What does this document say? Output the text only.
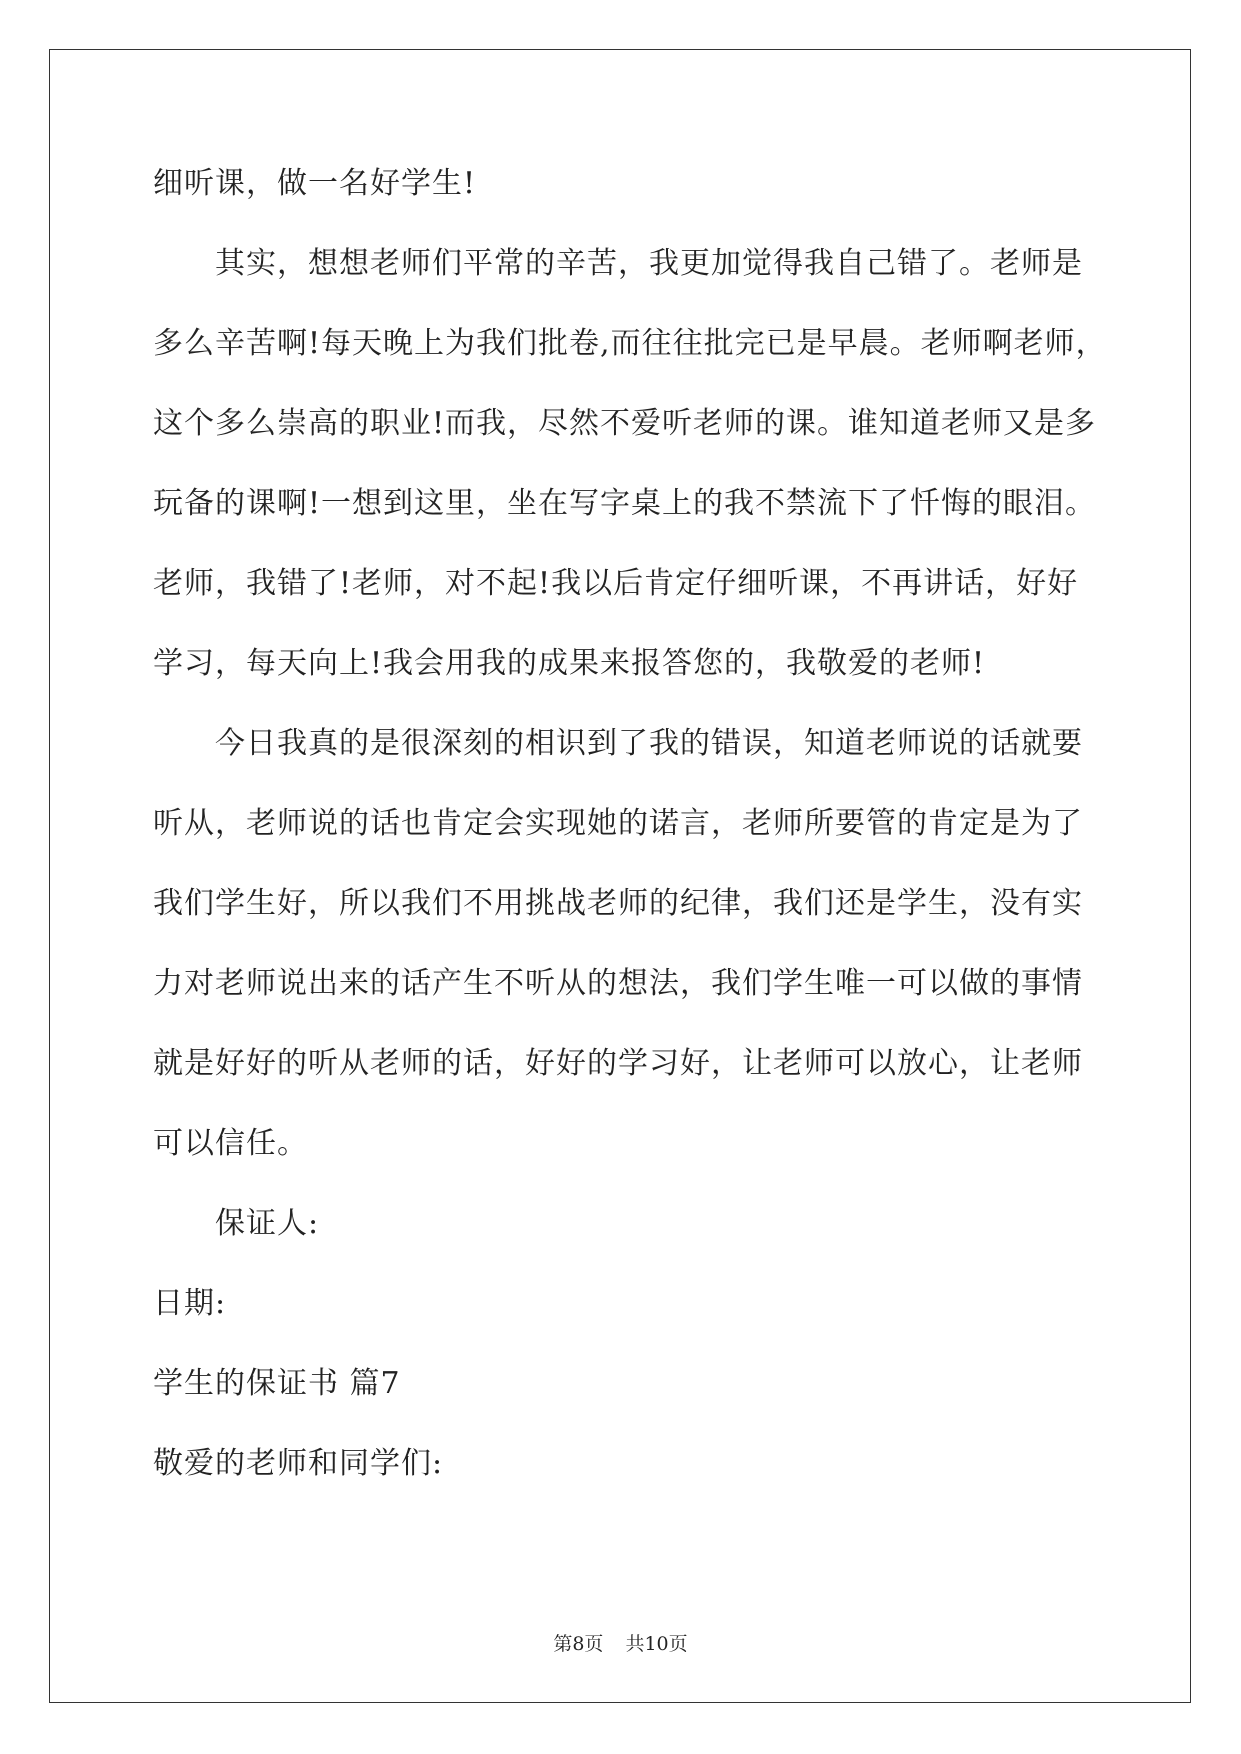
细听课，做一名好学生!
其实，想想老师们平常的辛苦，我更加觉得我自己错了。老师是
多么辛苦啊!每天晚上为我们批卷,而往往批完已是早晨。老师啊老师，
这个多么崇高的职业!而我，尽然不爱听老师的课。谁知道老师又是多
玩备的课啊!一想到这里，坐在写字桌上的我不禁流下了忏悔的眼泪。
老师，我错了!老师，对不起!我以后肯定仔细听课，不再讲话，好好
学习，每天向上!我会用我的成果来报答您的，我敬爱的老师!
今日我真的是很深刻的相识到了我的错误，知道老师说的话就要
听从，老师说的话也肯定会实现她的诺言，老师所要管的肯定是为了
我们学生好，所以我们不用挑战老师的纪律，我们还是学生，没有实
力对老师说出来的话产生不听从的想法，我们学生唯一可以做的事情
就是好好的听从老师的话，好好的学习好，让老师可以放心，让老师
可以信任。
保证人:
日期:
学生的保证书 篇7
敬爱的老师和同学们:
第8页 共10页
